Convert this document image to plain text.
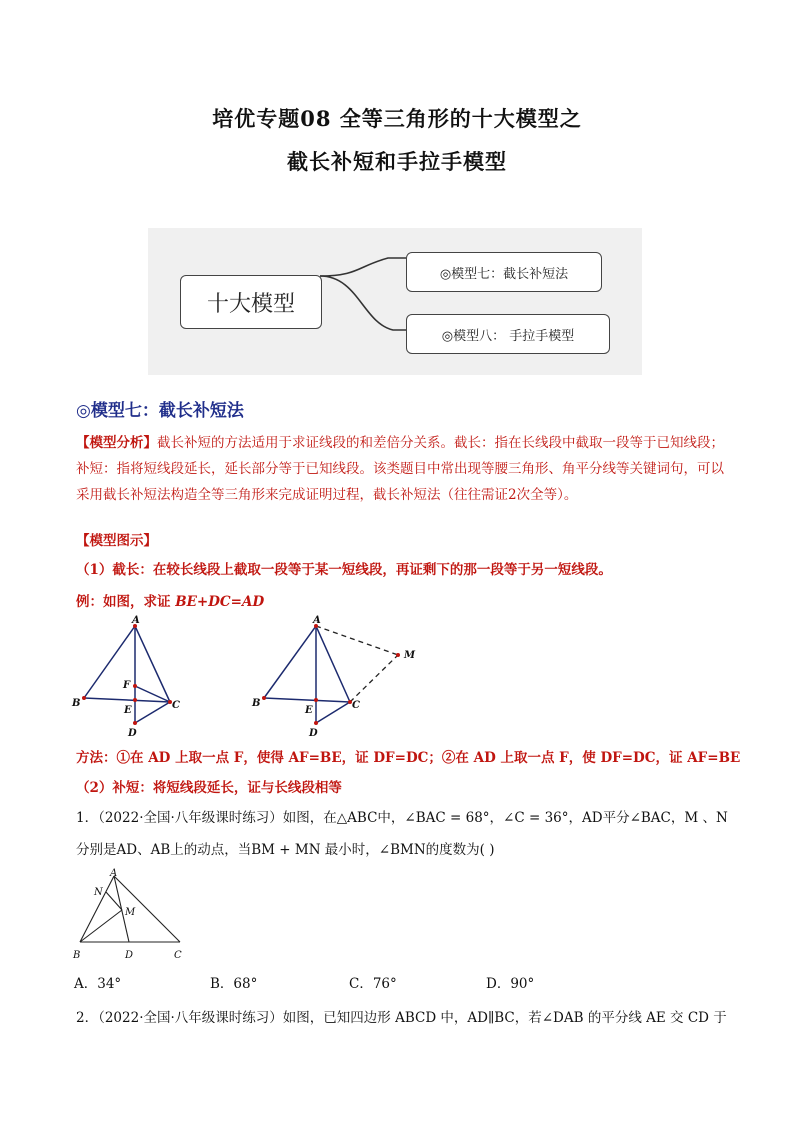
培优专题08 全等三角形的十大模型之
截长补短和手拉手模型
十大模型
◎模型七：截长补短法
◎模型八： 手拉手模型
◎模型七：截长补短法
【模型分析】截长补短的方法适用于求证线段的和差倍分关系。截长：指在长线段中截取一段等于已知线段；补短：指将短线段延长，延长部分等于已知线段。该类题目中常出现等腰三角形、角平分线等关键词句，可以采用截长补短法构造全等三角形来完成证明过程，截长补短法（往往需证2次全等）。
【模型图示】
（1）截长：在较长线段上截取一段等于某一短线段，再证剩下的那一段等于另一短线段。
例：如图，求证 BE+DC=AD
A
B	C
D
E
F
A
B	C
D
E
M
方法：①在 AD 上取一点 F，使得 AF=BE，证 DF=DC；②在 AD 上取一点 F，使 DF=DC，证 AF=BE
（2）补短：将短线段延长，证与长线段相等
1．（2022·全国·八年级课时练习）如图，在△ABC中，∠BAC = 68°，∠C = 36°，AD平分∠BAC，M 、N
分别是AD、AB上的动点，当BM + MN 最小时，∠BMN的度数为( )
A
N
M
B	D	C
A．34°	B．68°	C．76°	D．90°
2．（2022·全国·八年级课时练习）如图，已知四边形 ABCD 中，AD∥BC，若∠DAB 的平分线 AE 交 CD 于
